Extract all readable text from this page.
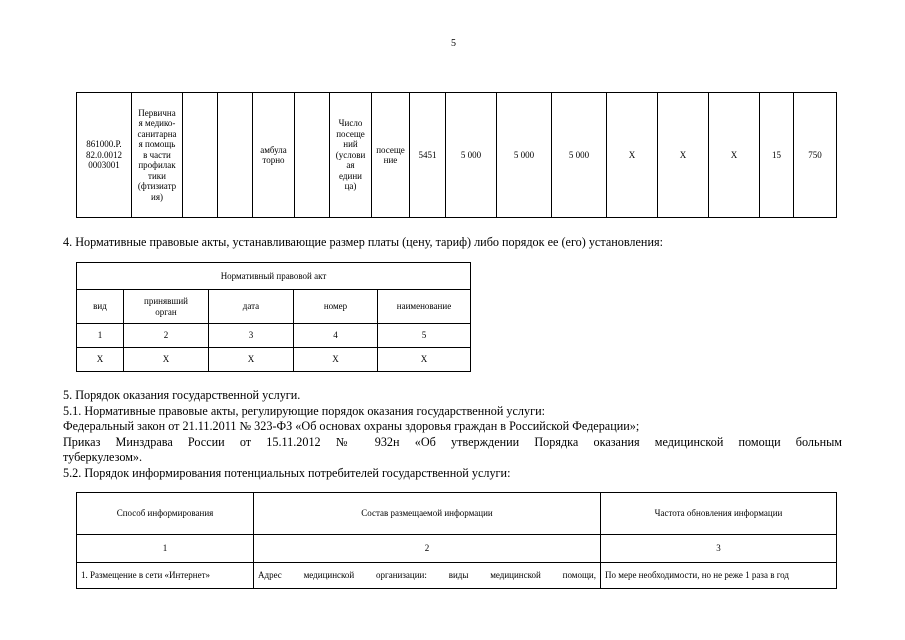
5
861000.Р.
82.0.0012
0003001	Первична
я медико-
санитарна
я помощь
в части
профилак
тики
(фтизиатр
ия)			амбула
торно		Число
посеще
ний
(услови
ая
едини
ца)	посеще
ние	5451	5 000	5 000	5 000	X	X	X	15	750
4. Нормативные правовые акты, устанавливающие размер платы (цену, тариф) либо порядок ее (его) установления:
Нормативный правовой акт				
вид	принявший
орган	дата	номер	наименование
1	2	3	4	5
X	X	X	X	X
5. Порядок оказания государственной услуги.
5.1. Нормативные правовые акты, регулирующие порядок оказания государственной услуги:
Федеральный закон от 21.11.2011 № 323-ФЗ «Об основах охраны здоровья граждан в Российской Федерации»;
Приказ Минздрава России от 15.11.2012 № 932н «Об утверждении Порядка оказания медицинской помощи больным
туберкулезом».
5.2. Порядок информирования потенциальных потребителей государственной услуги:
Способ информирования	Состав размещаемой информации	Частота обновления информации
1	2	3
1. Размещение в сети «Интернет»	Адрес медицинской организации: виды медицинской помощи,	По мере необходимости, но не реже 1 раза в год
